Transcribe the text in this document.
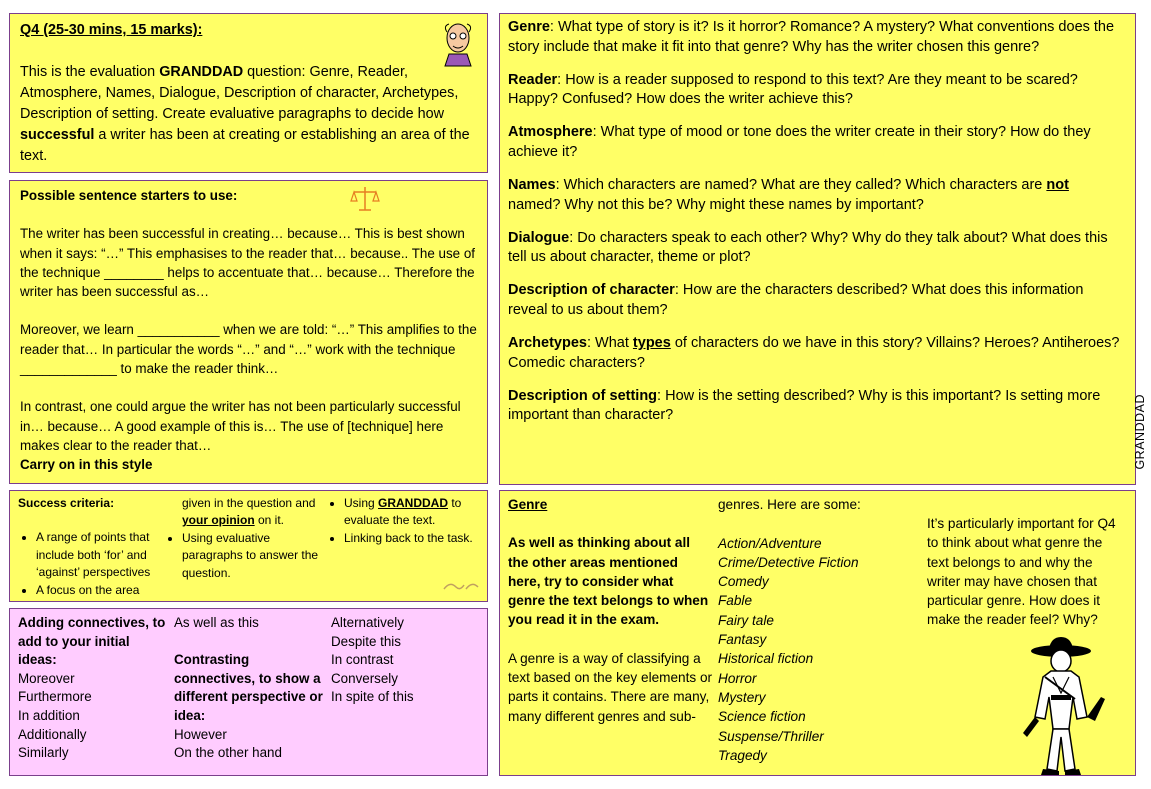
Q4 (25-30 mins, 15 marks):

This is the evaluation GRANDDAD question: Genre, Reader, Atmosphere, Names, Dialogue, Description of character, Archetypes, Description of setting. Create evaluative paragraphs to decide how successful a writer has been at creating or establishing an area of the text.

Possible sentence starters to use:

The writer has been successful in creating… because… This is best shown when it says: “…” This emphasises to the reader that… because.. The use of the technique ________ helps to accentuate that… because… Therefore the writer has been successful as…

Moreover, we learn ___________ when we are told: “…” This amplifies to the reader that… In particular the words “…” and “…” work with the technique _____________ to make the reader think…

In contrast, one could argue the writer has not been particularly successful in… because… A good example of this is… The use of [technique] here makes clear to the reader that…

Carry on in this style

Success criteria:

• A range of points that include both ‘for’ and ‘against’ perspectives
• A focus on the area

given in the question and your opinion on it.

• Using evaluative paragraphs to answer the question.
• Using GRANDDAD to evaluate the text.
• Linking back to the task.

Adding connectives, to add to your initial ideas:

Moreover

Furthermore

In addition

Additionally

Similarly

As well as this

Contrasting connectives, to show a different perspective or idea:

However

On the other hand

Alternatively

Despite this

In contrast

Conversely

In spite of this

Genre: What type of story is it? Is it horror? Romance? A mystery? What conventions does the story include that make it fit into that genre? Why has the writer chosen this genre?

Reader: How is a reader supposed to respond to this text? Are they meant to be scared? Happy? Confused? How does the writer achieve this?

Atmosphere: What type of mood or tone does the writer create in their story? How do they achieve it?

Names: Which characters are named? What are they called? Which characters are not named? Why not this be? Why might these names by important?

Dialogue: Do characters speak to each other? Why? Why do they talk about? What does this tell us about character, theme or plot?

Description of character: How are the characters described? What does this information reveal to us about them?

Archetypes: What types of characters do we have in this story? Villains? Heroes? Antiheroes? Comedic characters?

Description of setting: How is the setting described? Why is this important? Is setting more important than character?	GRANDDAD

Genre

As well as thinking about all the other areas mentioned here, try to consider what genre the text belongs to when you read it in the exam.

A genre is a way of classifying a text based on the key elements or parts it contains. There are many, many different genres and sub-

genres. Here are some:

Action/Adventure

Crime/Detective Fiction

Comedy

Fable

Fairy tale

Fantasy

Historical fiction

Horror

Mystery

Science fiction

Suspense/Thriller

Tragedy

It’s particularly important for Q4 to think about what genre the text belongs to and why the writer may have chosen that particular genre. How does it make the reader feel? Why?
